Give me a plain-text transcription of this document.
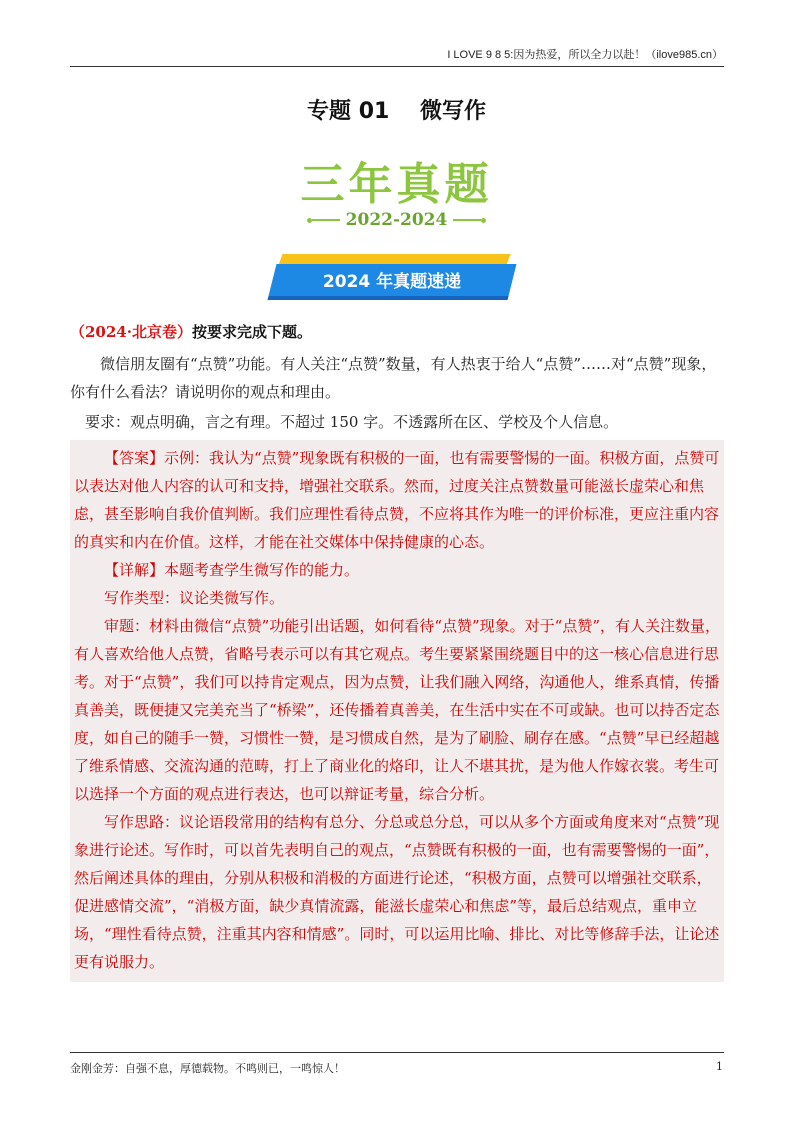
I LOVE 9 8 5:因为热爱，所以全力以赴！（ilove985.cn）
专题 01    微写作
三年真题
2022-2024
2024 年真题速递

（2024·北京卷）按要求完成下题。

微信朋友圈有“点赞”功能。有人关注“点赞”数量，有人热衷于给人“点赞”……对“点赞”现象，你有什么看法？请说明你的观点和理由。

要求：观点明确，言之有理。不超过 150 字。不透露所在区、学校及个人信息。

【答案】示例：我认为“点赞”现象既有积极的一面，也有需要警惕的一面。积极方面，点赞可以表达对他人内容的认可和支持，增强社交联系。然而，过度关注点赞数量可能滋长虚荣心和焦虑，甚至影响自我价值判断。我们应理性看待点赞，不应将其作为唯一的评价标准，更应注重内容的真实和内在价值。这样，才能在社交媒体中保持健康的心态。

【详解】本题考查学生微写作的能力。

写作类型：议论类微写作。

审题：材料由微信“点赞”功能引出话题，如何看待“点赞”现象。对于“点赞”，有人关注数量，有人喜欢给他人点赞，省略号表示可以有其它观点。考生要紧紧围绕题目中的这一核心信息进行思考。对于“点赞”，我们可以持肯定观点，因为点赞，让我们融入网络，沟通他人，维系真情，传播真善美，既便捷又完美充当了“桥梁”，还传播着真善美，在生活中实在不可或缺。也可以持否定态度，如自己的随手一赞，习惯性一赞，是习惯成自然，是为了刷脸、刷存在感。“点赞”早已经超越了维系情感、交流沟通的范畴，打上了商业化的烙印，让人不堪其扰，是为他人作嫁衣裳。考生可以选择一个方面的观点进行表达，也可以辩证考量，综合分析。

写作思路：议论语段常用的结构有总分、分总或总分总，可以从多个方面或角度来对“点赞”现象进行论述。写作时，可以首先表明自己的观点，“点赞既有积极的一面，也有需要警惕的一面”，然后阐述具体的理由，分别从积极和消极的方面进行论述，“积极方面，点赞可以增强社交联系，促进感情交流”，“消极方面，缺少真情流露，能滋长虚荣心和焦虑”等，最后总结观点，重申立场，“理性看待点赞，注重其内容和情感”。同时，可以运用比喻、排比、对比等修辞手法，让论述更有说服力。

金刚金芳：自强不息，厚德载物。不鸣则已，一鸣惊人！	1
